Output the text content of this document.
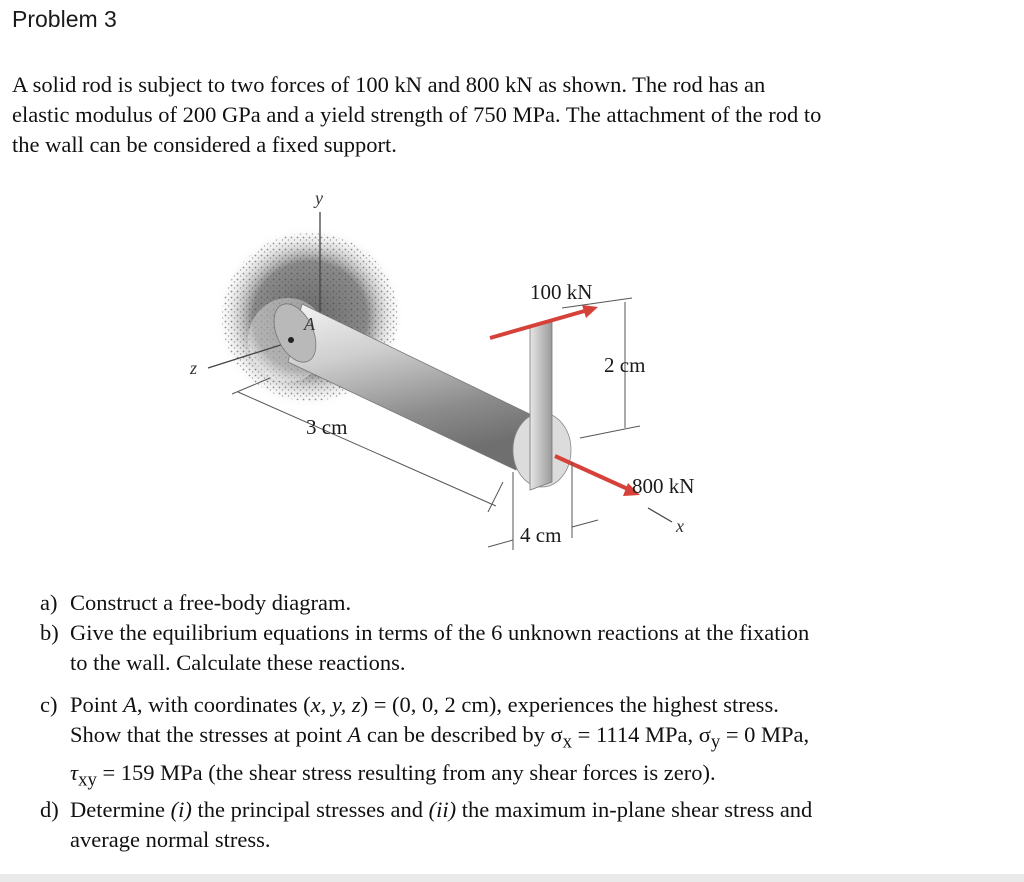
Problem 3
A solid rod is subject to two forces of 100 kN and 800 kN as shown. The rod has an
elastic modulus of 200 GPa and a yield strength of 750 MPa. The attachment of the rod to
the wall can be considered a fixed support.
y
z
A
100 kN
800 kN
x
2 cm
3 cm
4 cm
a) Construct a free-body diagram.
b) Give the equilibrium equations in terms of the 6 unknown reactions at the fixation
to the wall. Calculate these reactions.
c) Point A, with coordinates (x, y, z) = (0, 0, 2 cm), experiences the highest stress.
Show that the stresses at point A can be described by $\sigma_x = 1114$ MPa, $\sigma_y = 0$ MPa,
$\tau_{xy} = 159$ MPa (the shear stress resulting from any shear forces is zero).
d) Determine (i) the principal stresses and (ii) the maximum in-plane shear stress and
average normal stress.
